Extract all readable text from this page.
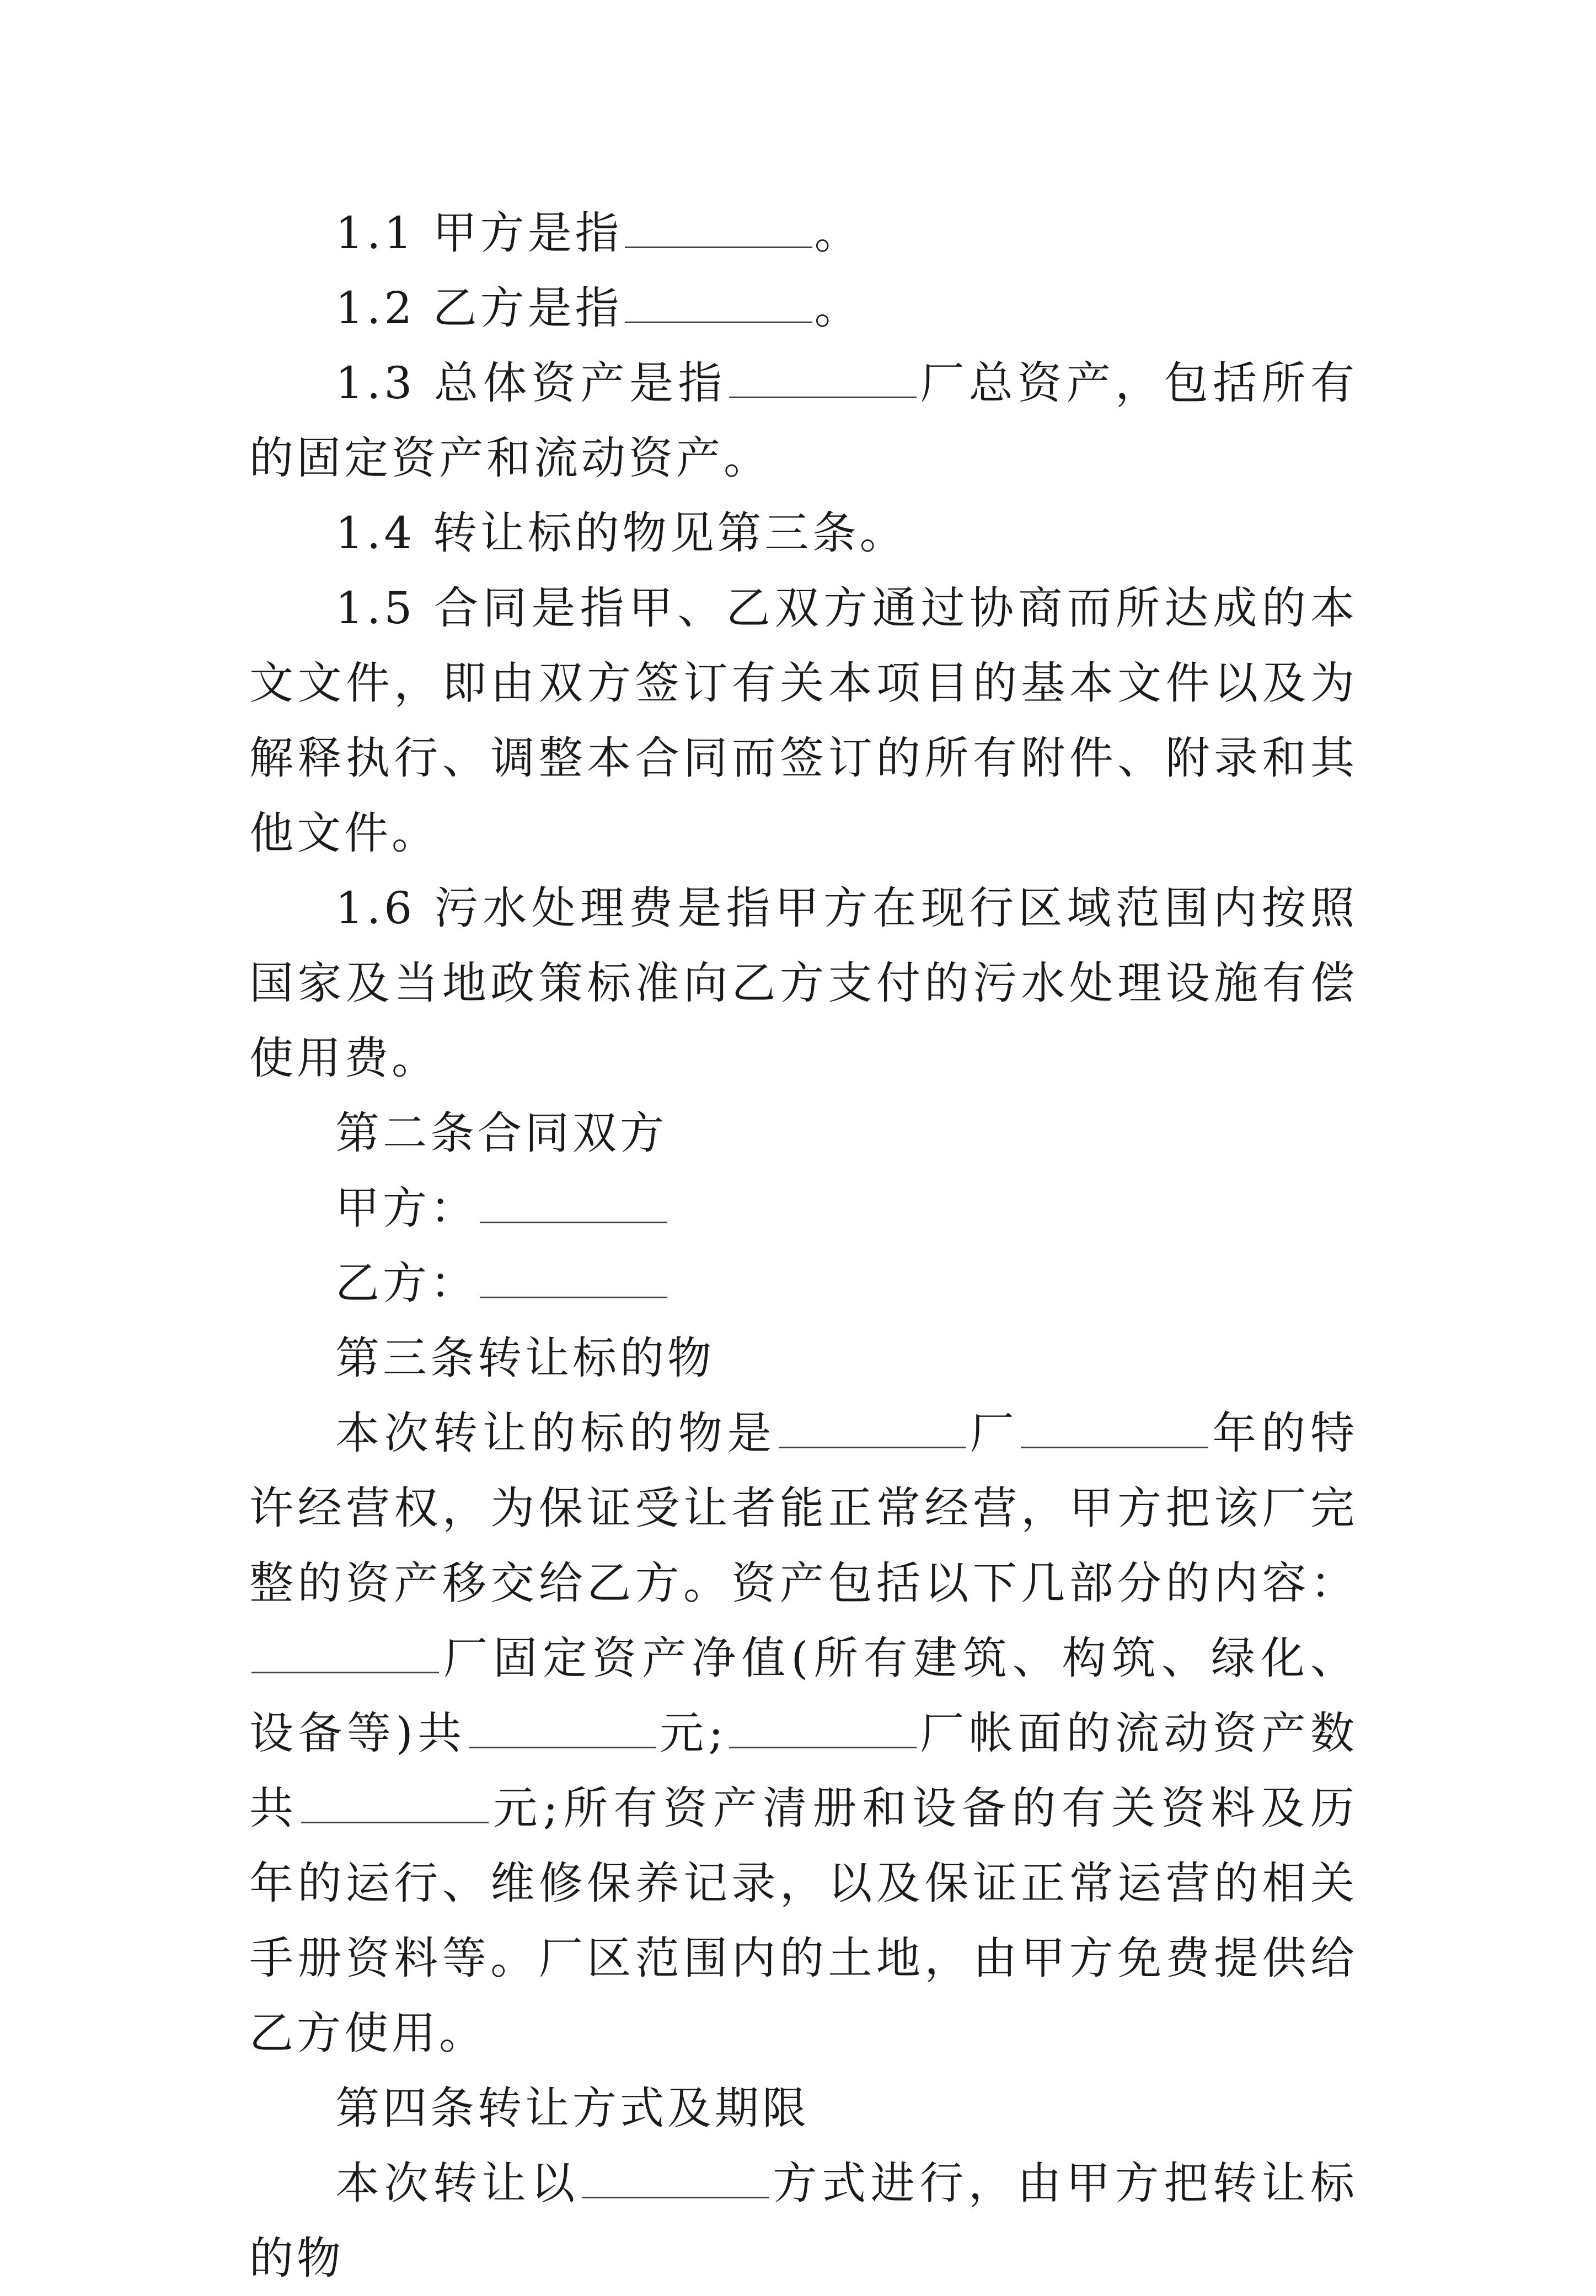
1.1 甲方是指	。

1.2 乙方是指	。

1.3 总体资产是指	厂总资产，包括所有的固定资产和流动资产。

1.4 转让标的物见第三条。

1.5 合同是指甲、乙双方通过协商而所达成的本文文件，即由双方签订有关本项目的基本文件以及为解释执行、调整本合同而签订的所有附件、附录和其他文件。

1.6 污水处理费是指甲方在现行区域范围内按照国家及当地政策标准向乙方支付的污水处理设施有偿使用费。

第二条合同双方

甲方：

乙方：

第三条转让标的物

本次转让的标的物是	厂	年的特许经营权，为保证受让者能正常经营，甲方把该厂完整的资产移交给乙方。资产包括以下几部分的内容：厂固定资产净值(所有建筑、构筑、绿化、设备等)共	元;	厂帐面的流动资产数共	元;所有资产清册和设备的有关资料及历年的运行、维修保养记录，以及保证正常运营的相关手册资料等。厂区范围内的土地，由甲方免费提供给乙方使用。

第四条转让方式及期限

本次转让以	方式进行，由甲方把转让标的物
